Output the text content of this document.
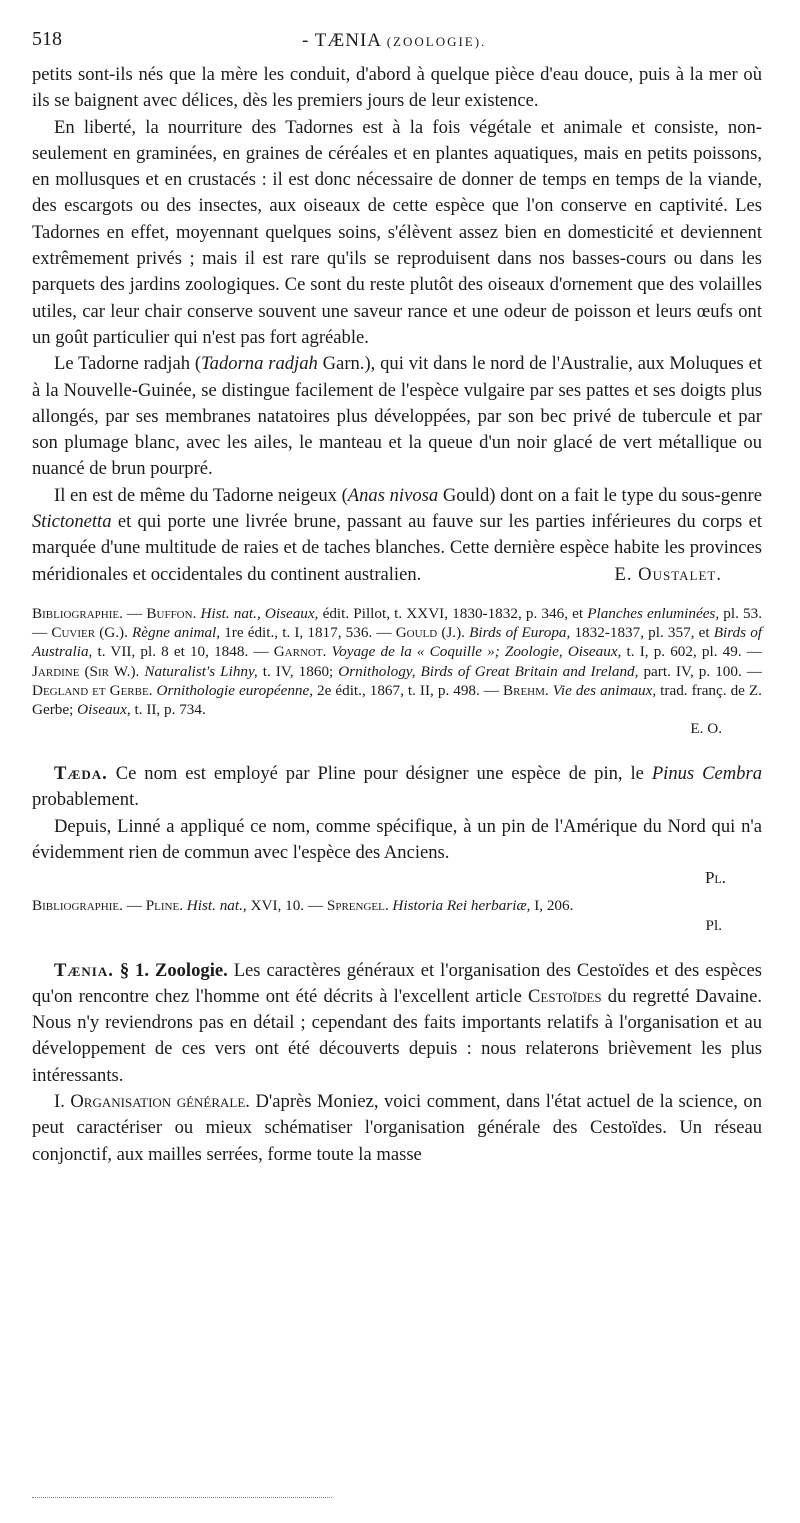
518	- TÆNIA (ZOOLOGIE).

petits sont-ils nés que la mère les conduit, d'abord à quelque pièce d'eau douce, puis à la mer où ils se baignent avec délices, dès les premiers jours de leur existence.

En liberté, la nourriture des Tadornes est à la fois végétale et animale et consiste, non-seulement en graminées, en graines de céréales et en plantes aquatiques, mais en petits poissons, en mollusques et en crustacés : il est donc nécessaire de donner de temps en temps de la viande, des escargots ou des insectes, aux oiseaux de cette espèce que l'on conserve en captivité. Les Tadornes en effet, moyennant quelques soins, s'élèvent assez bien en domesticité et deviennent extrêmement privés ; mais il est rare qu'ils se reproduisent dans nos basses-cours ou dans les parquets des jardins zoologiques. Ce sont du reste plutôt des oiseaux d'ornement que des volailles utiles, car leur chair conserve souvent une saveur rance et une odeur de poisson et leurs œufs ont un goût particulier qui n'est pas fort agréable.

Le Tadorne radjah (Tadorna radjah Garn.), qui vit dans le nord de l'Australie, aux Moluques et à la Nouvelle-Guinée, se distingue facilement de l'espèce vulgaire par ses pattes et ses doigts plus allongés, par ses membranes natatoires plus développées, par son bec privé de tubercule et par son plumage blanc, avec les ailes, le manteau et la queue d'un noir glacé de vert métallique ou nuancé de brun pourpré.

Il en est de même du Tadorne neigeux (Anas nivosa Gould) dont on a fait le type du sous-genre Stictonetta et qui porte une livrée brune, passant au fauve sur les parties inférieures du corps et marquée d'une multitude de raies et de taches blanches. Cette dernière espèce habite les provinces méridionales et occidentales du continent australien.	E. Oustalet.

Bibliographie. — Buffon. Hist. nat., Oiseaux, édit. Pillot, t. XXVI, 1830-1832, p. 346, et Planches enluminées, pl. 53. — Cuvier (G.). Règne animal, 1re édit., t. I, 1817, 536. — Gould (J.). Birds of Europa, 1832-1837, pl. 357, et Birds of Australia, t. VII, pl. 8 et 10, 1848. — Garnot. Voyage de la « Coquille »; Zoologie, Oiseaux, t. I, p. 602, pl. 49. — Jardine (Sir W.). Naturalist's Lihny, t. IV, 1860; Ornithology, Birds of Great Britain and Ireland, part. IV, p. 100. — Degland et Gerbe. Ornithologie européenne, 2e édit., 1867, t. II, p. 498. — Brehm. Vie des animaux, trad. franç. de Z. Gerbe; Oiseaux, t. II, p. 734.
E. O.

Tæda. Ce nom est employé par Pline pour désigner une espèce de pin, le Pinus Cembra probablement.

Depuis, Linné a appliqué ce nom, comme spécifique, à un pin de l'Amérique du Nord qui n'a évidemment rien de commun avec l'espèce des Anciens.

Pl.
Bibliographie. — Pline. Hist. nat., XVI, 10. — Sprengel. Historia Rei herbariæ, I, 206.
Pl.

Tænia. § 1. Zoologie. Les caractères généraux et l'organisation des Cestoïdes et des espèces qu'on rencontre chez l'homme ont été décrits à l'excellent article Cestoïdes du regretté Davaine. Nous n'y reviendrons pas en détail ; cependant des faits importants relatifs à l'organisation et au développement de ces vers ont été découverts depuis : nous relaterons brièvement les plus intéressants.

I. Organisation générale. D'après Moniez, voici comment, dans l'état actuel de la science, on peut caractériser ou mieux schématiser l'organisation générale des Cestoïdes. Un réseau conjonctif, aux mailles serrées, forme toute la masse
